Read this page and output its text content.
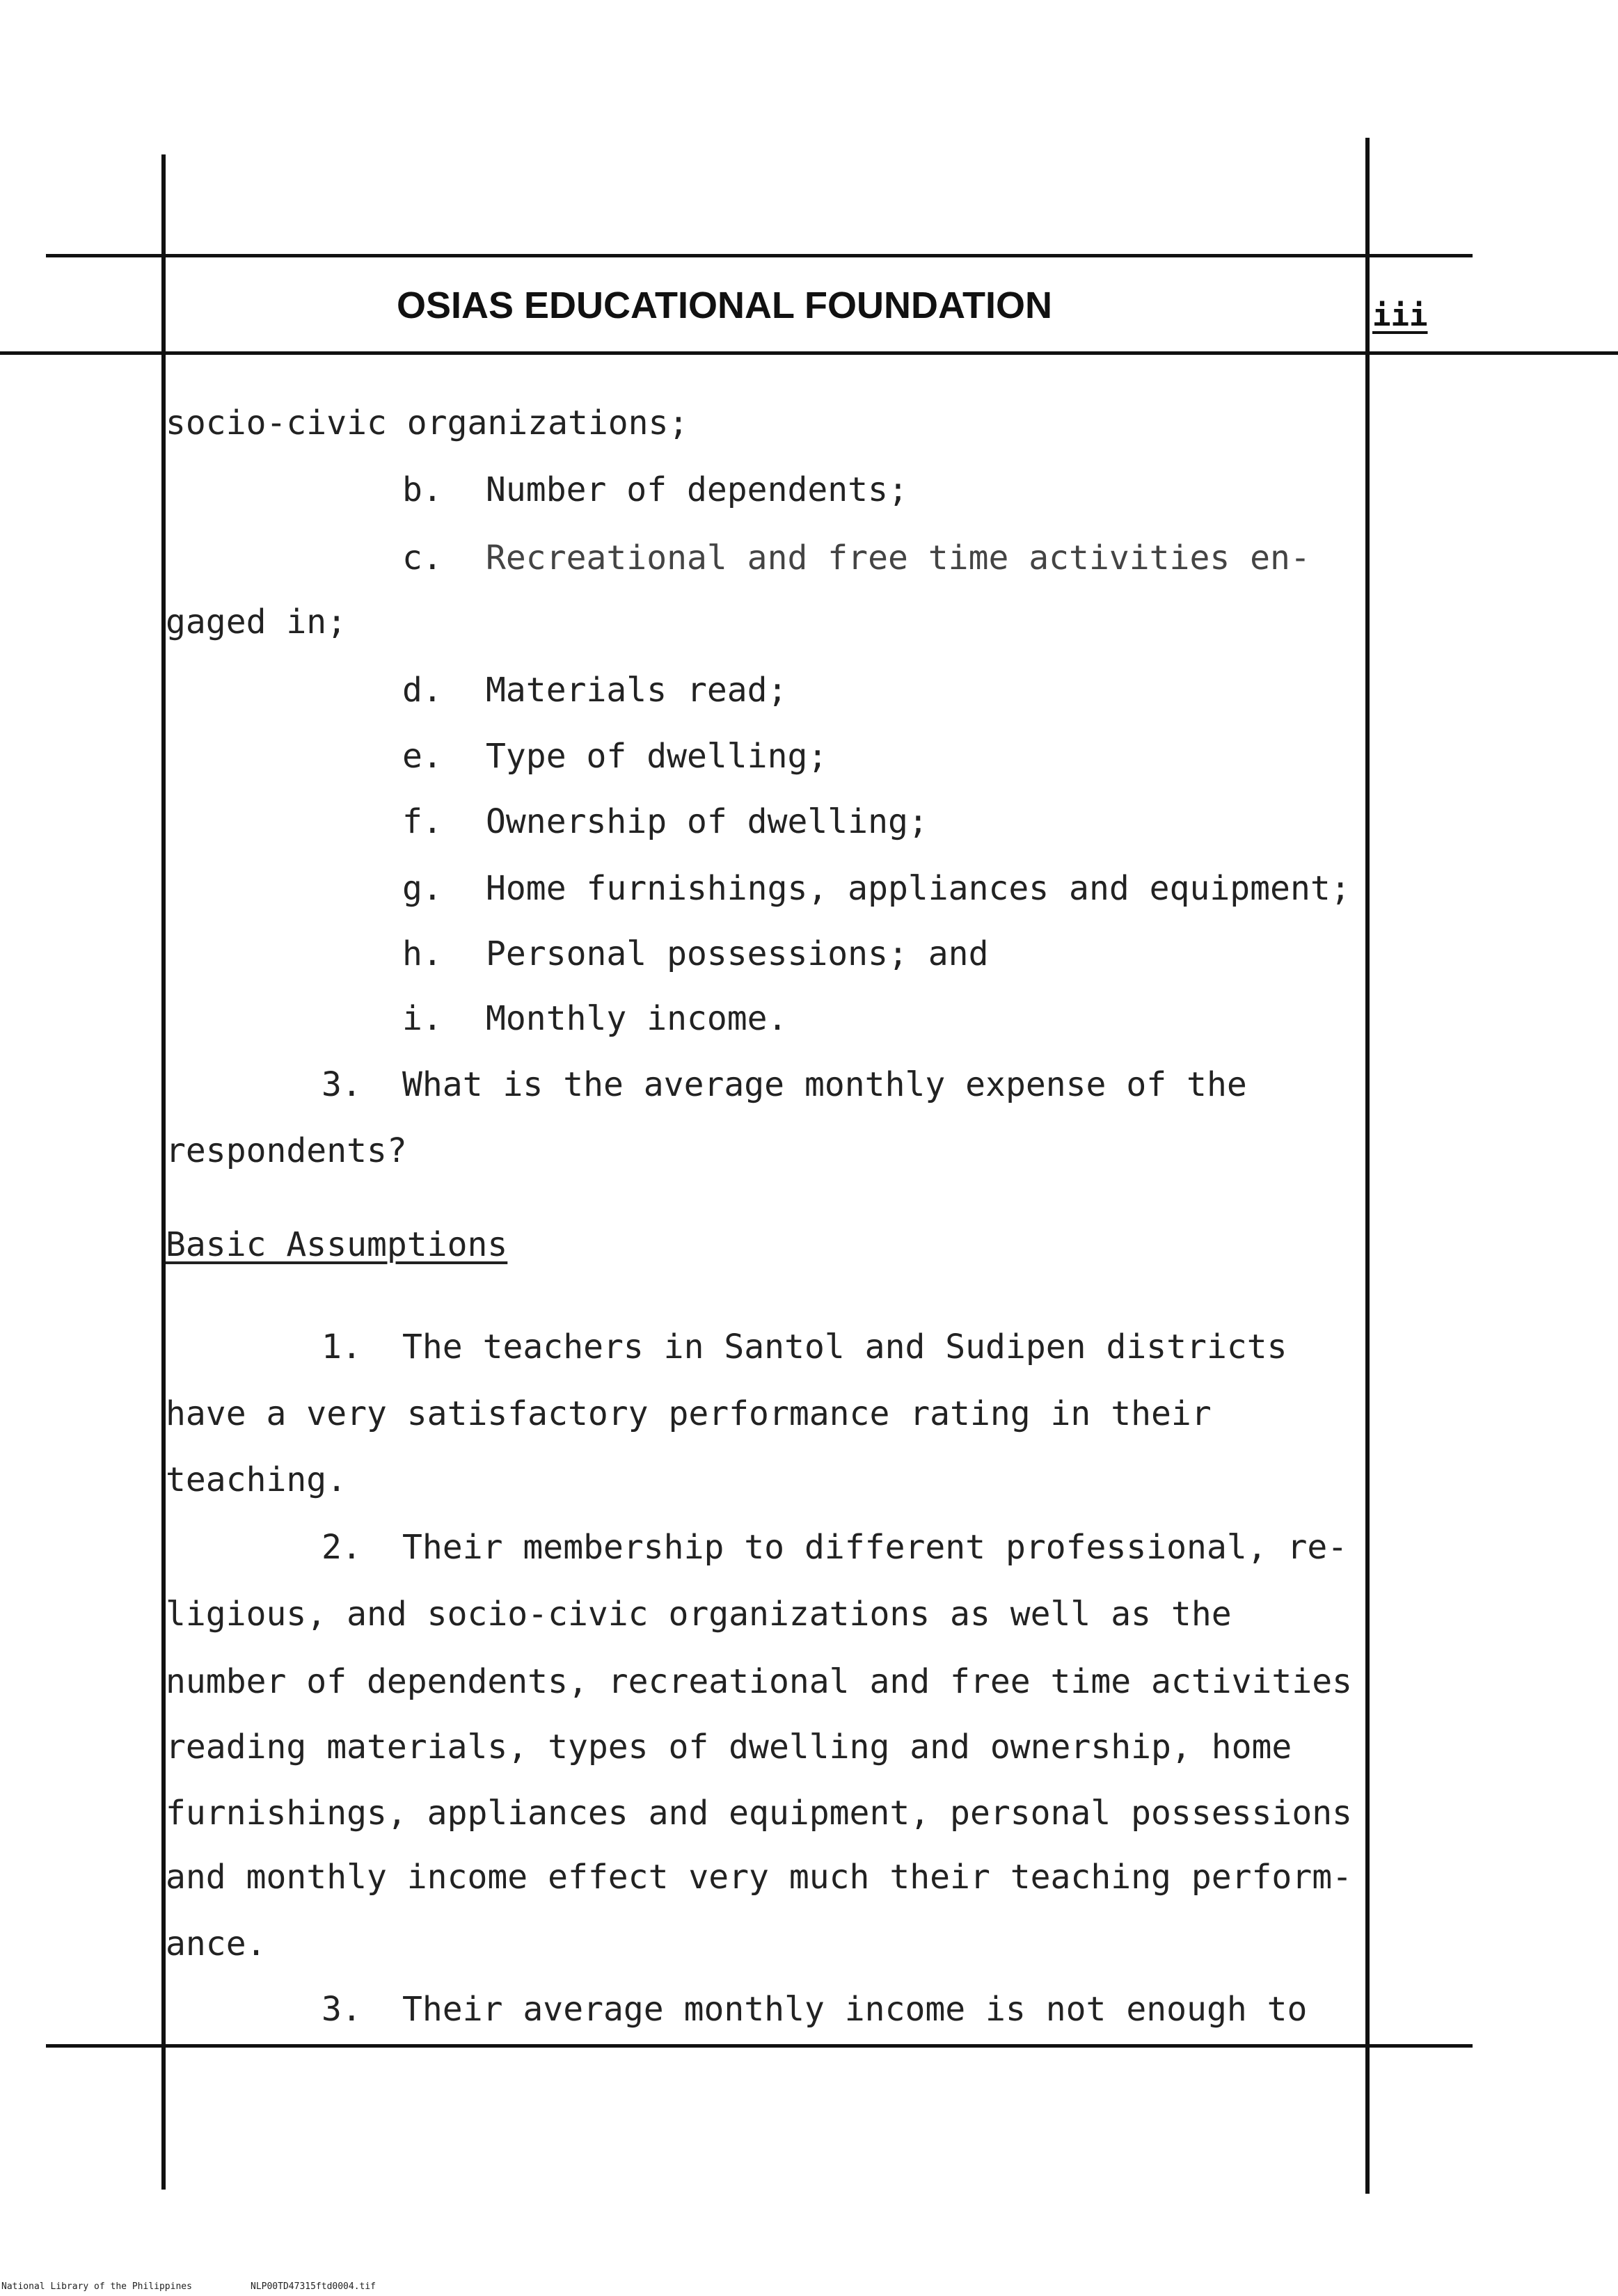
OSIAS EDUCATIONAL FOUNDATION	iii
socio-civic organizations;
b. Number of dependents;
c. Recreational and free time activities en-
gaged in;
d. Materials read;
e. Type of dwelling;
f. Ownership of dwelling;
g. Home furnishings, appliances and equipment;
h. Personal possessions; and
i. Monthly income.
3. What is the average monthly expense of the
respondents?
Basic Assumptions
1. The teachers in Santol and Sudipen districts
have a very satisfactory performance rating in their
teaching.
2. Their membership to different professional, re-
ligious, and socio-civic organizations as well as the
number of dependents, recreational and free time activities
reading materials, types of dwelling and ownership, home
furnishings, appliances and equipment, personal possessions
and monthly income effect very much their teaching perform-
ance.
3. Their average monthly income is not enough to
National Library of the Philippines	NLP00TD47315ftd0004.tif
